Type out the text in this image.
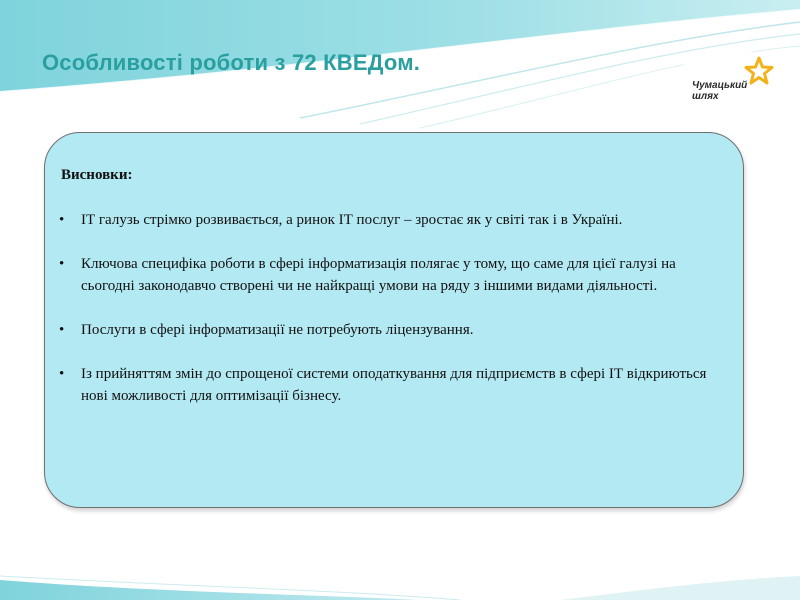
Особливості роботи з 72 КВЕДом.
Чумацький
шлях

Висновки:

• ІТ галузь стрімко розвивається, а ринок ІТ послуг – зростає як у світі так і в Україні.
• Ключова специфіка роботи в сфері інформатизація полягає у тому, що саме для цієї галузі на сьогодні законодавчо створені чи не найкращі умови на ряду з іншими видами діяльності.
• Послуги в сфері інформатизації не потребують ліцензування.
• Із прийняттям змін до спрощеної системи оподаткування для підприємств в сфері ІТ відкриються нові можливості для оптимізації бізнесу.
